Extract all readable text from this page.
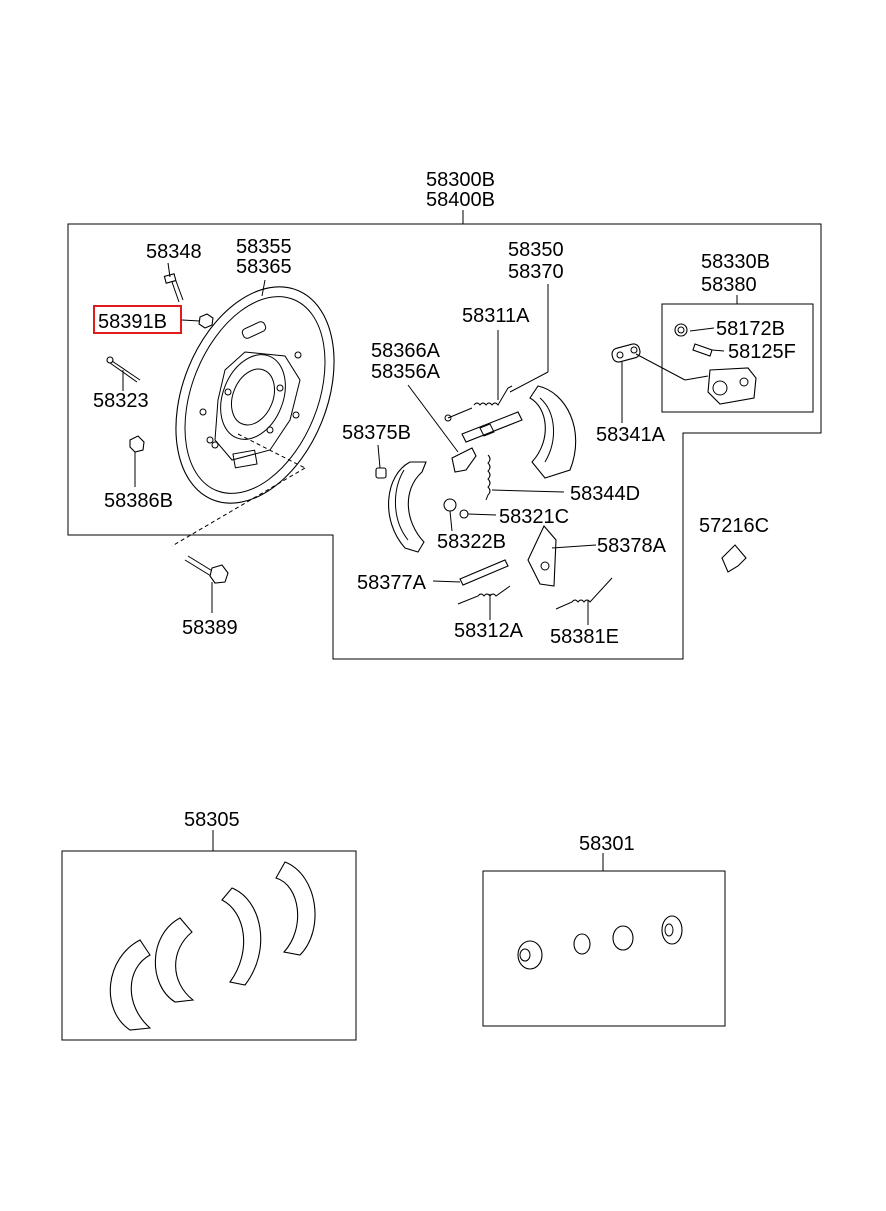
58300B
58400B
58348 58355
58365
58391B
58323
58386B
58389
58350
58370
58311A
58366A
58356A
58375B
58344D
58321C
58322B	58378A
58377A
58312A 58381E
58330B
58380
58172B
58125F
58341A
57216C
58305
58301
